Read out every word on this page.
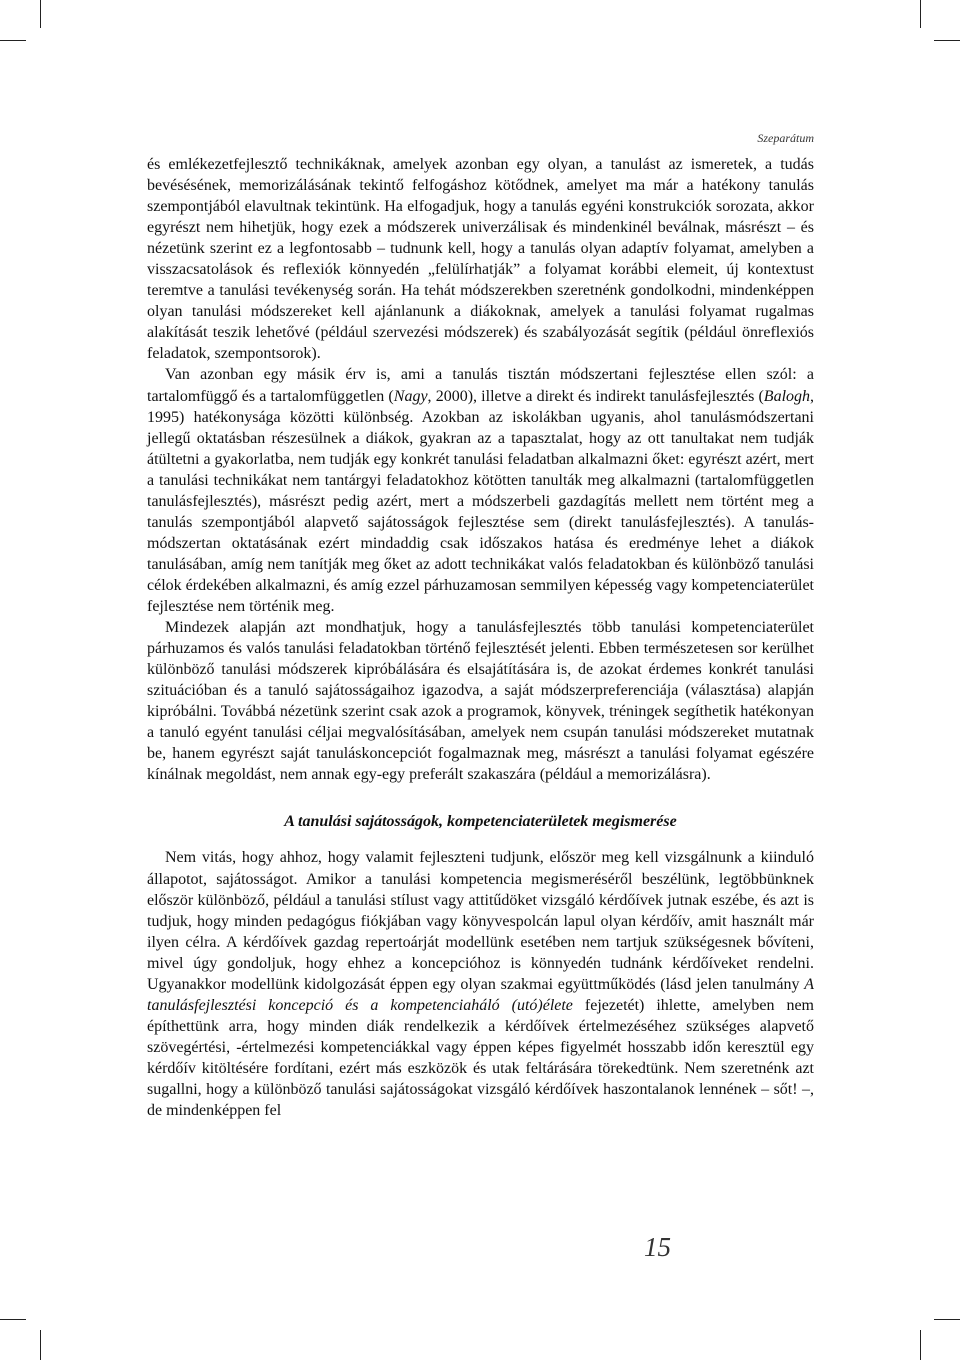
Szeparátum

és emlékezetfejlesztő technikáknak, amelyek azonban egy olyan, a tanulást az ismeretek, a tudás bevésésének, memorizálásának tekintő felfogáshoz kötődnek, amelyet ma már a hatékony tanulás szempontjából elavultnak tekintünk. Ha elfogadjuk, hogy a tanulás egyéni konstrukciók sorozata, akkor egyrészt nem hihetjük, hogy ezek a módszerek univerzálisak és mindenkinél beválnak, másrészt – és nézetünk szerint ez a legfontosabb – tudnunk kell, hogy a tanulás olyan adaptív folyamat, amelyben a visszacsatolások és reflexiók könnyedén „felülírhatják” a folyamat korábbi elemeit, új kontextust teremtve a tanulási tevékenység során. Ha tehát módszerekben szeretnénk gondolkodni, mindenképpen olyan tanulási módszereket kell ajánlanunk a diákoknak, amelyek a tanulási folyamat rugalmas alakítását teszik lehetővé (például szervezési módszerek) és szabályozását segítik (például önreflexiós feladatok, szempontsorok).

Van azonban egy másik érv is, ami a tanulás tisztán módszertani fejlesztése ellen szól: a tartalomfüggő és a tartalomfüggetlen (Nagy, 2000), illetve a direkt és indirekt tanulásfejlesztés (Balogh, 1995) hatékonysága közötti különbség. Azokban az iskolákban ugyanis, ahol tanulásmódszertani jellegű oktatásban részesülnek a diákok, gyakran az a tapasztalat, hogy az ott tanultakat nem tudják átültetni a gyakorlatba, nem tudják egy konkrét tanulási feladatban alkalmazni őket: egyrészt azért, mert a tanulási technikákat nem tantárgyi feladatokhoz kötötten tanulták meg alkalmazni (tartalomfüggetlen tanulásfejlesztés), másrészt pedig azért, mert a módszerbeli gazdagítás mellett nem történt meg a tanulás szempontjából alapvető sajátosságok fejlesztése sem (direkt tanulásfejlesztés). A tanulás-módszertan oktatásának ezért mindaddig csak időszakos hatása és eredménye lehet a diákok tanulásában, amíg nem tanítják meg őket az adott technikákat valós feladatokban és különböző tanulási célok érdekében alkalmazni, és amíg ezzel párhuzamosan semmilyen képesség vagy kompetenciaterület fejlesztése nem történik meg.

Mindezek alapján azt mondhatjuk, hogy a tanulásfejlesztés több tanulási kompetenciaterület párhuzamos és valós tanulási feladatokban történő fejlesztését jelenti. Ebben természetesen sor kerülhet különböző tanulási módszerek kipróbálására és elsajátítására is, de azokat érdemes konkrét tanulási szituációban és a tanuló sajátosságaihoz igazodva, a saját módszerpreferenciája (választása) alapján kipróbálni. Továbbá nézetünk szerint csak azok a programok, könyvek, tréningek segíthetik hatékonyan a tanuló egyént tanulási céljai megvalósításában, amelyek nem csupán tanulási módszereket mutatnak be, hanem egyrészt saját tanuláskoncepciót fogalmaznak meg, másrészt a tanulási folyamat egészére kínálnak megoldást, nem annak egy-egy preferált szakaszára (például a memorizálásra).

A tanulási sajátosságok, kompetenciaterületek megismerése

Nem vitás, hogy ahhoz, hogy valamit fejleszteni tudjunk, először meg kell vizsgálnunk a kiinduló állapotot, sajátosságot. Amikor a tanulási kompetencia megismeréséről beszélünk, legtöbbünknek először különböző, például a tanulási stílust vagy attitűdöket vizsgáló kérdőívek jutnak eszébe, és azt is tudjuk, hogy minden pedagógus fiókjában vagy könyvespolcán lapul olyan kérdőív, amit használt már ilyen célra. A kérdőívek gazdag repertoárját modellünk esetében nem tartjuk szükségesnek bővíteni, mivel úgy gondoljuk, hogy ehhez a koncepcióhoz is könnyedén tudnánk kérdőíveket rendelni. Ugyanakkor modellünk kidolgozását éppen egy olyan szakmai együttműködés (lásd jelen tanulmány A tanulásfejlesztési koncepció és a kompetenciaháló (utó)élete fejezetét) ihlette, amelyben nem építhettünk arra, hogy minden diák rendelkezik a kérdőívek értelmezéséhez szükséges alapvető szövegértési, -értelmezési kompetenciákkal vagy éppen képes figyelmét hosszabb időn keresztül egy kérdőív kitöltésére fordítani, ezért más eszközök és utak feltárására törekedtünk. Nem szeretnénk azt sugallni, hogy a különböző tanulási sajátosságokat vizsgáló kérdőívek haszontalanok lennének – sőt! –, de mindenképpen fel

15
